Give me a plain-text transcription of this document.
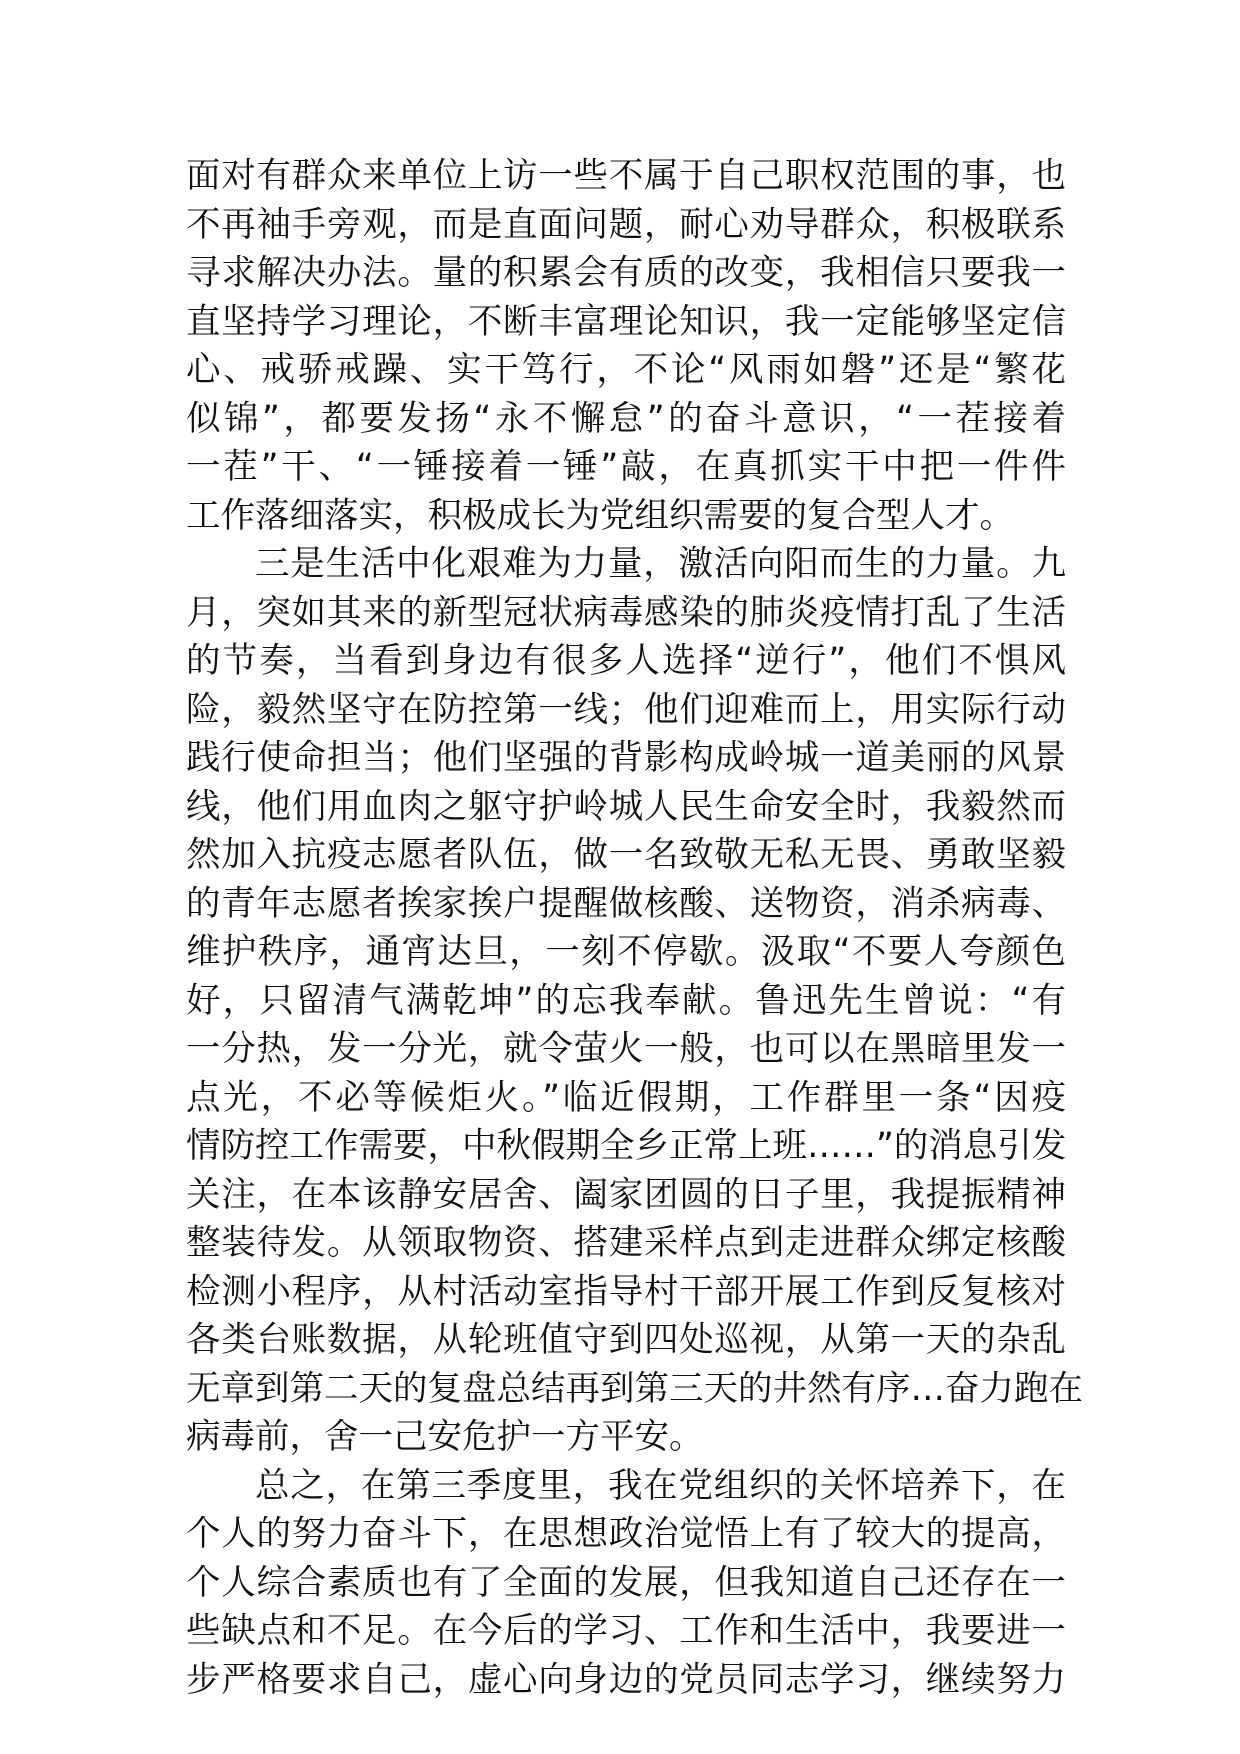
面对有群众来单位上访一些不属于自己职权范围的事，也
不再袖手旁观，而是直面问题，耐心劝导群众，积极联系
寻求解决办法。量的积累会有质的改变，我相信只要我一
直坚持学习理论，不断丰富理论知识，我一定能够坚定信
心、戒骄戒躁、实干笃行，不论“风雨如磐”还是“繁花
似锦”，都要发扬“永不懈怠”的奋斗意识，“一茬接着
一茬”干、“一锤接着一锤”敲，在真抓实干中把一件件
工作落细落实，积极成长为党组织需要的复合型人才。
三是生活中化艰难为力量，激活向阳而生的力量。九
月，突如其来的新型冠状病毒感染的肺炎疫情打乱了生活
的节奏，当看到身边有很多人选择“逆行”，他们不惧风
险，毅然坚守在防控第一线；他们迎难而上，用实际行动
践行使命担当；他们坚强的背影构成岭城一道美丽的风景
线，他们用血肉之躯守护岭城人民生命安全时，我毅然而
然加入抗疫志愿者队伍，做一名致敬无私无畏、勇敢坚毅
的青年志愿者挨家挨户提醒做核酸、送物资，消杀病毒、
维护秩序，通宵达旦，一刻不停歇。汲取“不要人夸颜色
好，只留清气满乾坤”的忘我奉献。鲁迅先生曾说：“有
一分热，发一分光，就令萤火一般，也可以在黑暗里发一
点光，不必等候炬火。”临近假期，工作群里一条“因疫
情防控工作需要，中秋假期全乡正常上班……”的消息引发
关注，在本该静安居舍、阖家团圆的日子里，我提振精神
整装待发。从领取物资、搭建采样点到走进群众绑定核酸
检测小程序，从村活动室指导村干部开展工作到反复核对
各类台账数据，从轮班值守到四处巡视，从第一天的杂乱
无章到第二天的复盘总结再到第三天的井然有序…奋力跑在
病毒前，舍一己安危护一方平安。
总之，在第三季度里，我在党组织的关怀培养下，在
个人的努力奋斗下，在思想政治觉悟上有了较大的提高，
个人综合素质也有了全面的发展，但我知道自己还存在一
些缺点和不足。在今后的学习、工作和生活中，我要进一
步严格要求自己，虚心向身边的党员同志学习，继续努力
